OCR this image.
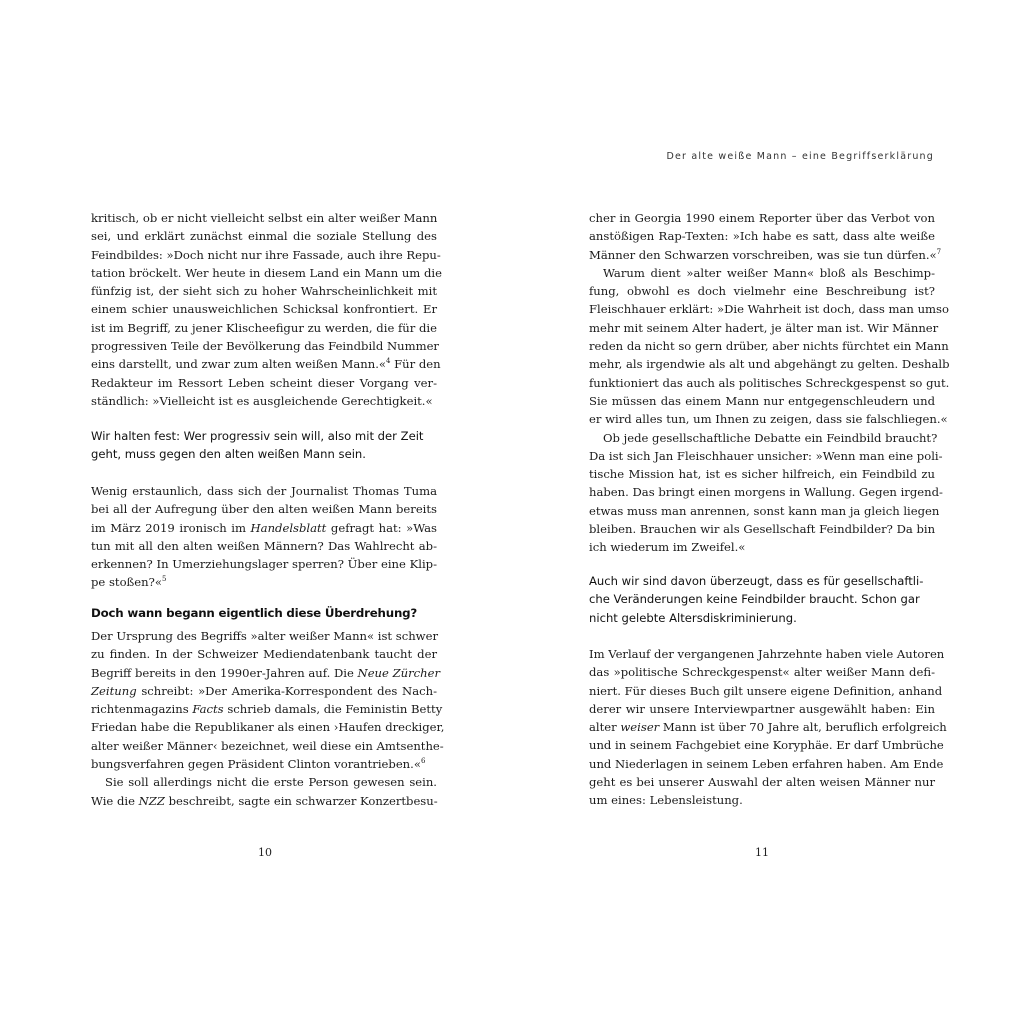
kritisch, ob er nicht vielleicht selbst ein alter weißer Mann
sei, und erklärt zunächst einmal die soziale Stellung des
Feindbildes: »Doch nicht nur ihre Fassade, auch ihre Repu-
tation bröckelt. Wer heute in diesem Land ein Mann um die
fünfzig ist, der sieht sich zu hoher Wahrscheinlichkeit mit
einem schier unausweichlichen Schicksal konfrontiert. Er
ist im Begriff, zu jener Klischeefigur zu werden, die für die
progressiven Teile der Bevölkerung das Feindbild Nummer
eins darstellt, und zwar zum alten weißen Mann.«$^4$ Für den
Redakteur im Ressort Leben scheint dieser Vorgang ver-
ständlich: »Vielleicht ist es ausgleichende Gerechtigkeit.«
Wir halten fest: Wer progressiv sein will, also mit der Zeit
geht, muss gegen den alten weißen Mann sein.
Wenig erstaunlich, dass sich der Journalist Thomas Tuma
bei all der Aufregung über den alten weißen Mann bereits
im März 2019 ironisch im Handelsblatt gefragt hat: »Was
tun mit all den alten weißen Männern? Das Wahlrecht ab-
erkennen? In Umerziehungslager sperren? Über eine Klip-
pe stoßen?«$^5$
Doch wann begann eigentlich diese Überdrehung?
Der Ursprung des Begriffs »alter weißer Mann« ist schwer
zu finden. In der Schweizer Mediendatenbank taucht der
Begriff bereits in den 1990er-Jahren auf. Die Neue Zürcher
Zeitung schreibt: »Der Amerika-Korrespondent des Nach-
richtenmagazins Facts schrieb damals, die Feministin Betty
Friedan habe die Republikaner als einen ›Haufen dreckiger,
alter weißer Männer‹ bezeichnet, weil diese ein Amtsenthe-
bungsverfahren gegen Präsident Clinton vorantrieben.«$^6$
Sie soll allerdings nicht die erste Person gewesen sein.
Wie die NZZ beschreibt, sagte ein schwarzer Konzertbesu-
10
Der alte weiße Mann – eine Begriffserklärung
cher in Georgia 1990 einem Reporter über das Verbot von
anstößigen Rap-Texten: »Ich habe es satt, dass alte weiße
Männer den Schwarzen vorschreiben, was sie tun dürfen.«$^7$
Warum dient »alter weißer Mann« bloß als Beschimp-
fung, obwohl es doch vielmehr eine Beschreibung ist?
Fleischhauer erklärt: »Die Wahrheit ist doch, dass man umso
mehr mit seinem Alter hadert, je älter man ist. Wir Männer
reden da nicht so gern drüber, aber nichts fürchtet ein Mann
mehr, als irgendwie als alt und abgehängt zu gelten. Deshalb
funktioniert das auch als politisches Schreckgespenst so gut.
Sie müssen das einem Mann nur entgegenschleudern und
er wird alles tun, um Ihnen zu zeigen, dass sie falschliegen.«
Ob jede gesellschaftliche Debatte ein Feindbild braucht?
Da ist sich Jan Fleischhauer unsicher: »Wenn man eine poli-
tische Mission hat, ist es sicher hilfreich, ein Feindbild zu
haben. Das bringt einen morgens in Wallung. Gegen irgend-
etwas muss man anrennen, sonst kann man ja gleich liegen
bleiben. Brauchen wir als Gesellschaft Feindbilder? Da bin
ich wiederum im Zweifel.«
Auch wir sind davon überzeugt, dass es für gesellschaftli-
che Veränderungen keine Feindbilder braucht. Schon gar
nicht gelebte Altersdiskriminierung.
Im Verlauf der vergangenen Jahrzehnte haben viele Autoren
das »politische Schreckgespenst« alter weißer Mann defi-
niert. Für dieses Buch gilt unsere eigene Definition, anhand
derer wir unsere Interviewpartner ausgewählt haben: Ein
alter weiser Mann ist über 70 Jahre alt, beruflich erfolgreich
und in seinem Fachgebiet eine Koryphäe. Er darf Umbrüche
und Niederlagen in seinem Leben erfahren haben. Am Ende
geht es bei unserer Auswahl der alten weisen Männer nur
um eines: Lebensleistung.
11
